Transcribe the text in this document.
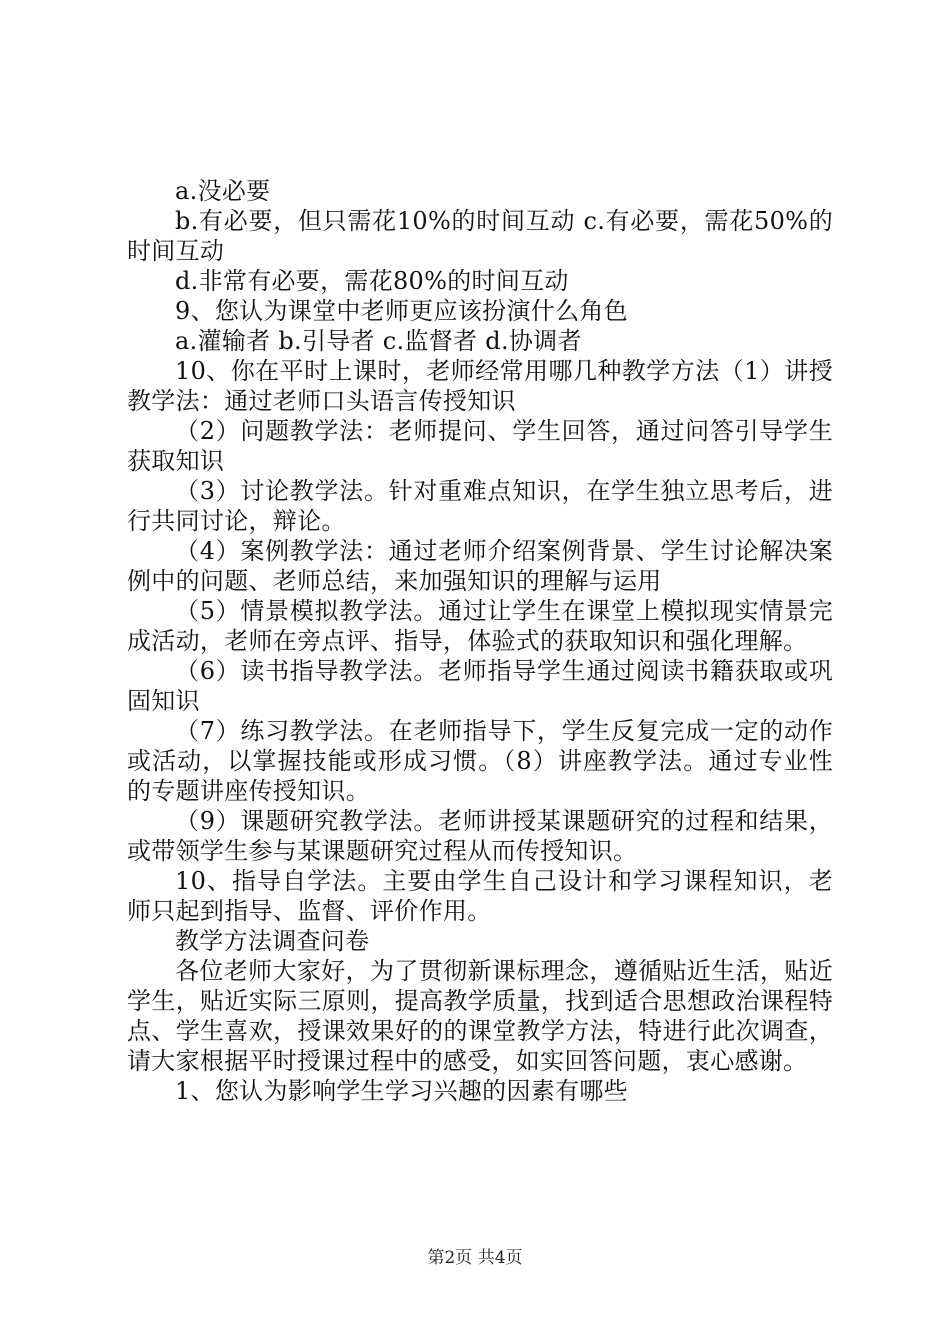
a.没必要

b.有必要，但只需花10%的时间互动 c.有必要，需花50%的时间互动

d.非常有必要，需花80%的时间互动

9、您认为课堂中老师更应该扮演什么角色

a.灌输者 b.引导者 c.监督者 d.协调者

10、你在平时上课时，老师经常用哪几种教学方法（1）讲授教学法：通过老师口头语言传授知识

（2）问题教学法：老师提问、学生回答，通过问答引导学生获取知识

（3）讨论教学法。针对重难点知识，在学生独立思考后，进行共同讨论，辩论。

（4）案例教学法：通过老师介绍案例背景、学生讨论解决案例中的问题、老师总结，来加强知识的理解与运用

（5）情景模拟教学法。通过让学生在课堂上模拟现实情景完成活动，老师在旁点评、指导，体验式的获取知识和强化理解。

（6）读书指导教学法。老师指导学生通过阅读书籍获取或巩固知识

（7）练习教学法。在老师指导下，学生反复完成一定的动作或活动，以掌握技能或形成习惯。（8）讲座教学法。通过专业性的专题讲座传授知识。

（9）课题研究教学法。老师讲授某课题研究的过程和结果，或带领学生参与某课题研究过程从而传授知识。

10、指导自学法。主要由学生自己设计和学习课程知识，老师只起到指导、监督、评价作用。

教学方法调查问卷

各位老师大家好，为了贯彻新课标理念，遵循贴近生活，贴近学生，贴近实际三原则，提高教学质量，找到适合思想政治课程特点、学生喜欢，授课效果好的的课堂教学方法，特进行此次调查，请大家根据平时授课过程中的感受，如实回答问题，衷心感谢。

1、您认为影响学生学习兴趣的因素有哪些

第2页 共4页
